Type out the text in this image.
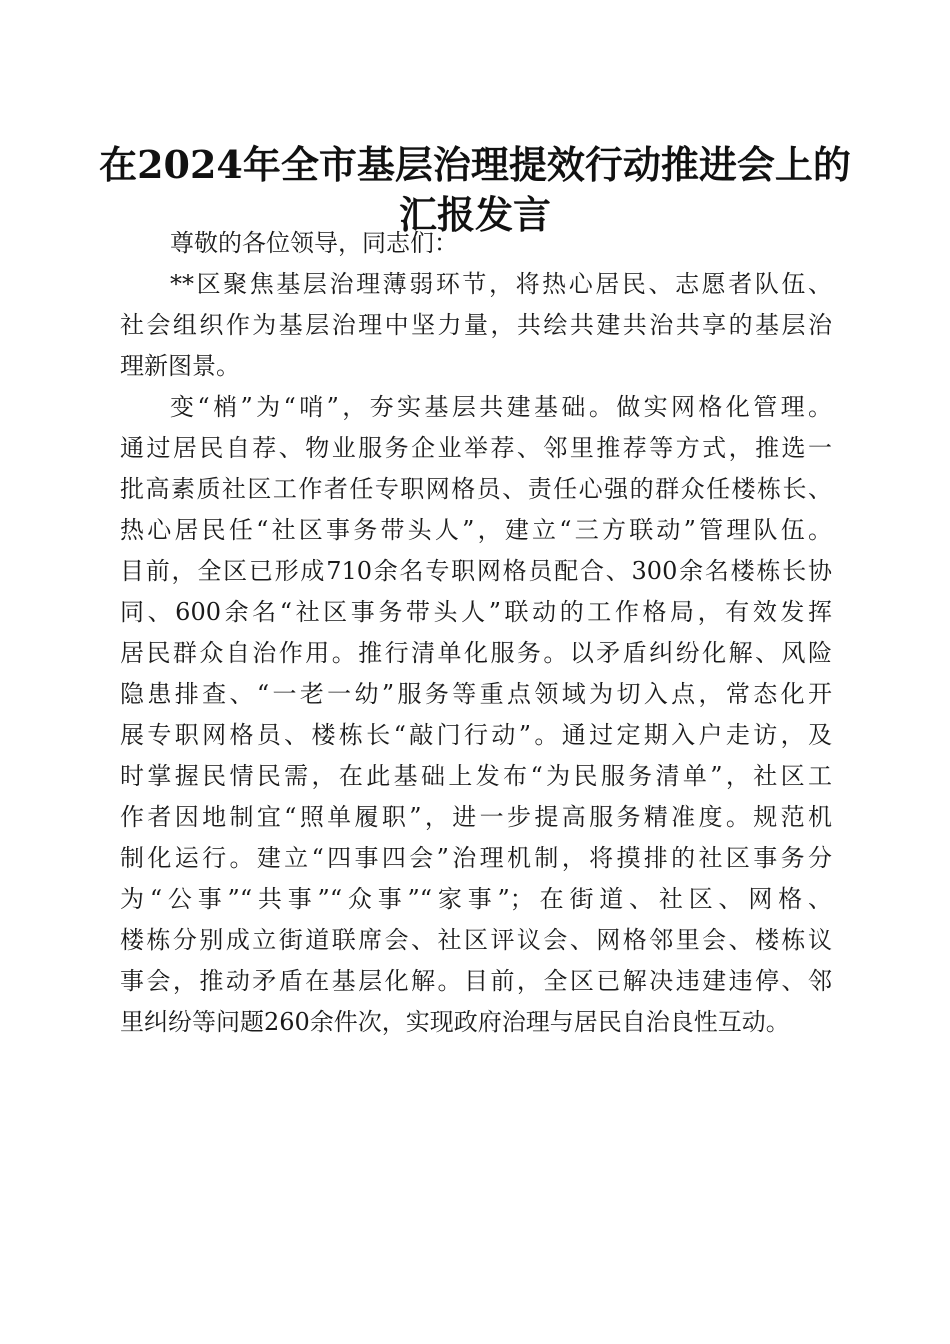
在2024年全市基层治理提效行动推进会上的
汇报发言
尊敬的各位领导，同志们：
**区聚焦基层治理薄弱环节，将热心居民、志愿者队伍、
社会组织作为基层治理中坚力量，共绘共建共治共享的基层治
理新图景。
变“梢”为“哨”，夯实基层共建基础。做实网格化管理。
通过居民自荐、物业服务企业举荐、邻里推荐等方式，推选一
批高素质社区工作者任专职网格员、责任心强的群众任楼栋长、
热心居民任“社区事务带头人”，建立“三方联动”管理队伍。
目前，全区已形成710余名专职网格员配合、300余名楼栋长协
同、600余名“社区事务带头人”联动的工作格局，有效发挥
居民群众自治作用。推行清单化服务。以矛盾纠纷化解、风险
隐患排查、“一老一幼”服务等重点领域为切入点，常态化开
展专职网格员、楼栋长“敲门行动”。通过定期入户走访，及
时掌握民情民需，在此基础上发布“为民服务清单”，社区工
作者因地制宜“照单履职”，进一步提高服务精准度。规范机
制化运行。建立“四事四会”治理机制，将摸排的社区事务分
为“公事”“共事”“众事”“家事”；在街道、社区、网格、
楼栋分别成立街道联席会、社区评议会、网格邻里会、楼栋议
事会，推动矛盾在基层化解。目前，全区已解决违建违停、邻
里纠纷等问题260余件次，实现政府治理与居民自治良性互动。
